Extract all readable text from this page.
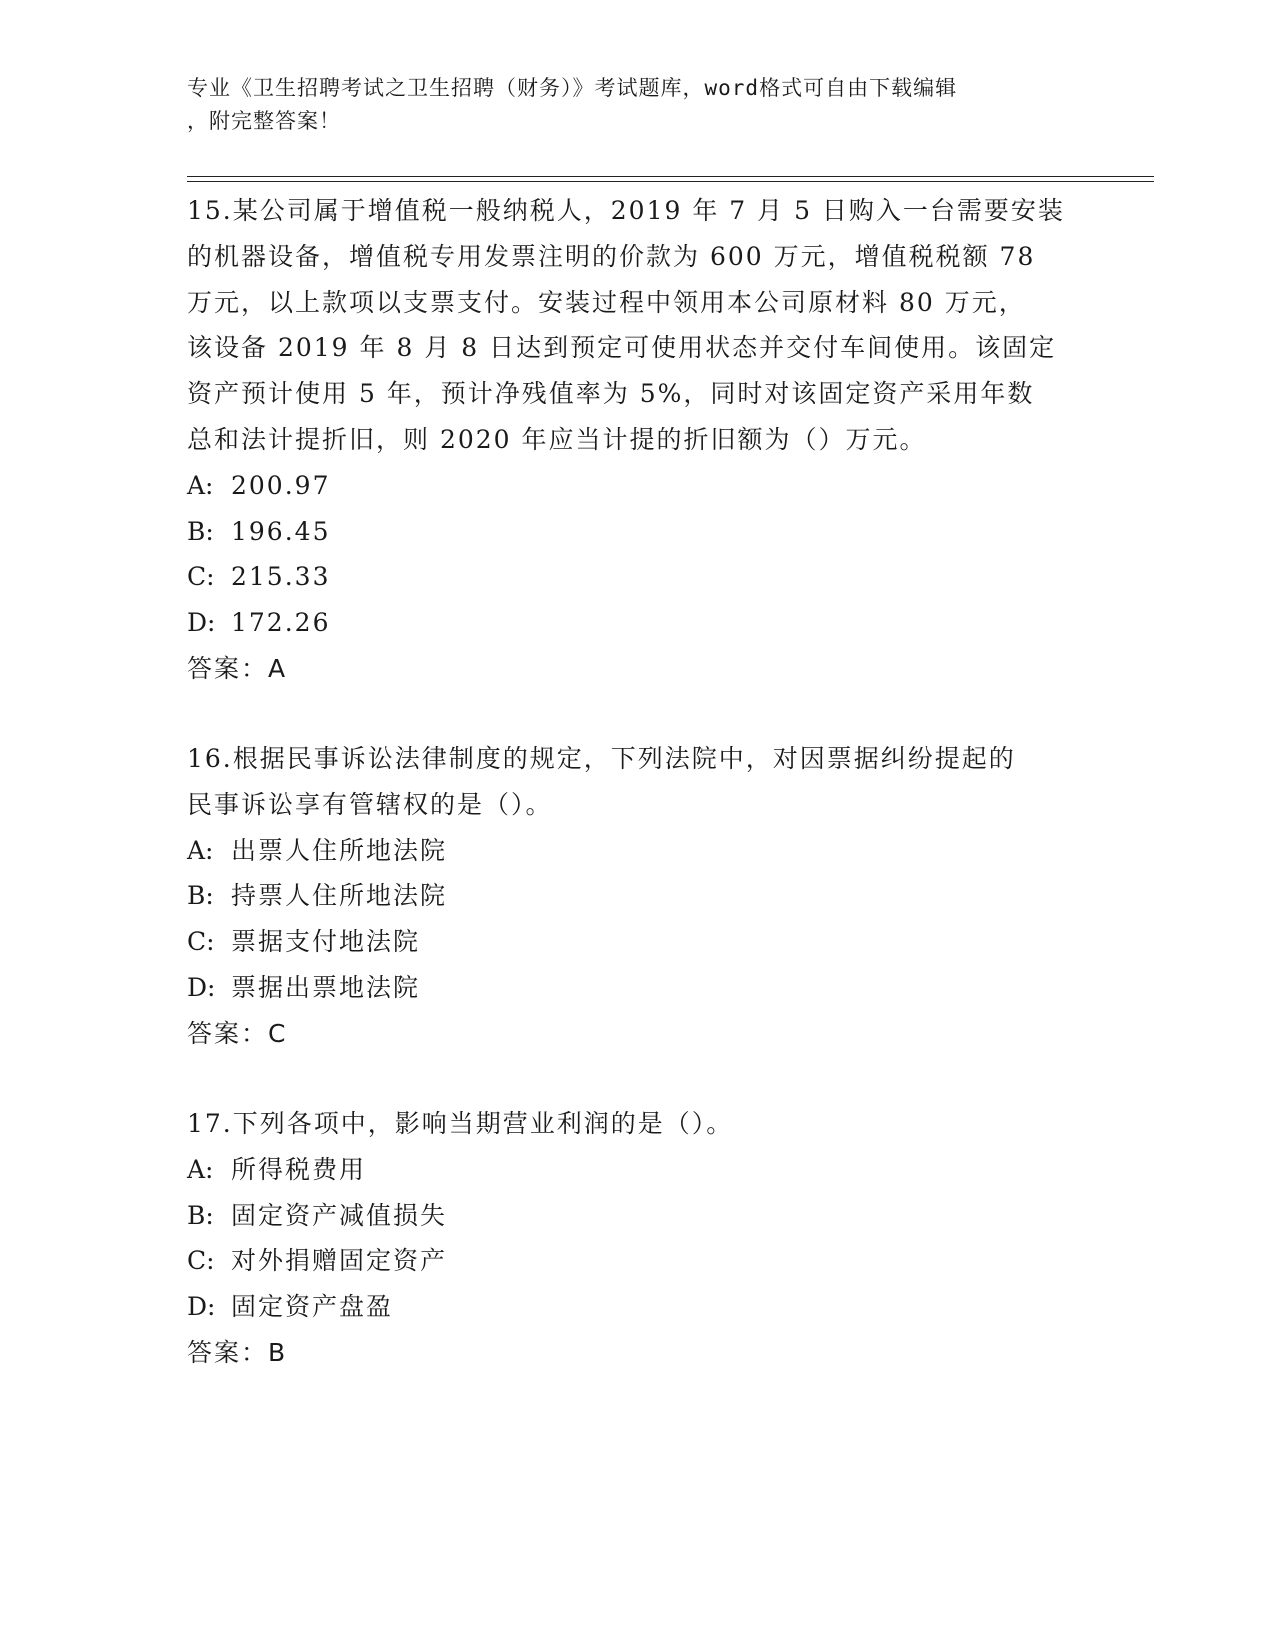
专业《卫生招聘考试之卫生招聘（财务）》考试题库，word格式可自由下载编辑
，附完整答案！
15.某公司属于增值税一般纳税人，2019 年 7 月 5 日购入一台需要安装
的机器设备，增值税专用发票注明的价款为 600 万元，增值税税额 78
万元，以上款项以支票支付。安装过程中领用本公司原材料 80 万元，
该设备 2019 年 8 月 8 日达到预定可使用状态并交付车间使用。该固定
资产预计使用 5 年，预计净残值率为 5%，同时对该固定资产采用年数
总和法计提折旧，则 2020 年应当计提的折旧额为（）万元。
A: 200.97
B: 196.45
C: 215.33
D: 172.26
答案：A
16.根据民事诉讼法律制度的规定，下列法院中，对因票据纠纷提起的
民事诉讼享有管辖权的是（）。
A: 出票人住所地法院
B: 持票人住所地法院
C: 票据支付地法院
D: 票据出票地法院
答案：C
17.下列各项中，影响当期营业利润的是（）。
A: 所得税费用
B: 固定资产减值损失
C: 对外捐赠固定资产
D: 固定资产盘盈
答案：B
